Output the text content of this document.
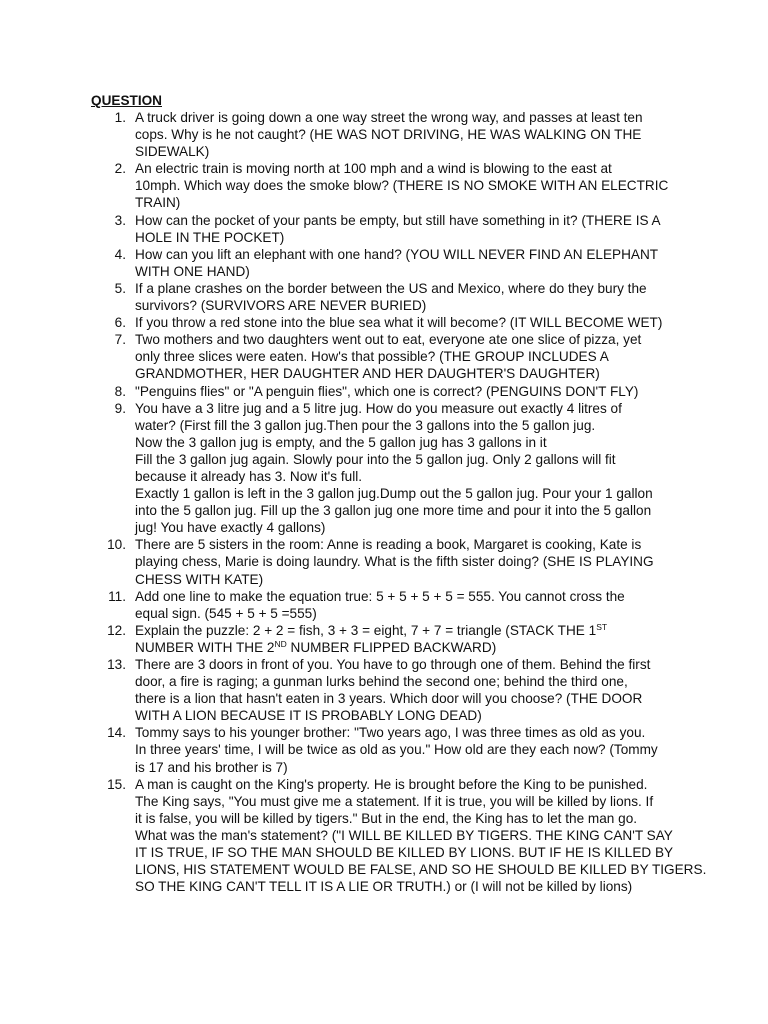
QUESTION
1. A truck driver is going down a one way street the wrong way, and passes at least ten
cops. Why is he not caught? (HE WAS NOT DRIVING, HE WAS WALKING ON THE
SIDEWALK)
2. An electric train is moving north at 100 mph and a wind is blowing to the east at
10mph. Which way does the smoke blow? (THERE IS NO SMOKE WITH AN ELECTRIC
TRAIN)
3. How can the pocket of your pants be empty, but still have something in it? (THERE IS A
HOLE IN THE POCKET)
4. How can you lift an elephant with one hand? (YOU WILL NEVER FIND AN ELEPHANT
WITH ONE HAND)
5. If a plane crashes on the border between the US and Mexico, where do they bury the
survivors? (SURVIVORS ARE NEVER BURIED)
6. If you throw a red stone into the blue sea what it will become? (IT WILL BECOME WET)
7. Two mothers and two daughters went out to eat, everyone ate one slice of pizza, yet
only three slices were eaten. How's that possible? (THE GROUP INCLUDES A
GRANDMOTHER, HER DAUGHTER AND HER DAUGHTER'S DAUGHTER)
8. "Penguins flies" or "A penguin flies", which one is correct? (PENGUINS DON'T FLY)
9. You have a 3 litre jug and a 5 litre jug. How do you measure out exactly 4 litres of
water? (First fill the 3 gallon jug.Then pour the 3 gallons into the 5 gallon jug.
Now the 3 gallon jug is empty, and the 5 gallon jug has 3 gallons in it
Fill the 3 gallon jug again. Slowly pour into the 5 gallon jug. Only 2 gallons will fit
because it already has 3. Now it's full.
Exactly 1 gallon is left in the 3 gallon jug.Dump out the 5 gallon jug. Pour your 1 gallon
into the 5 gallon jug. Fill up the 3 gallon jug one more time and pour it into the 5 gallon
jug! You have exactly 4 gallons)
10. There are 5 sisters in the room: Anne is reading a book, Margaret is cooking, Kate is
playing chess, Marie is doing laundry. What is the fifth sister doing? (SHE IS PLAYING
CHESS WITH KATE)
11. Add one line to make the equation true: 5 + 5 + 5 + 5 = 555. You cannot cross the
equal sign. (545 + 5 + 5 =555)
12. Explain the puzzle: 2 + 2 = fish, 3 + 3 = eight, 7 + 7 = triangle (STACK THE 1ST
NUMBER WITH THE 2ND NUMBER FLIPPED BACKWARD)
13. There are 3 doors in front of you. You have to go through one of them. Behind the first
door, a fire is raging; a gunman lurks behind the second one; behind the third one,
there is a lion that hasn't eaten in 3 years. Which door will you choose? (THE DOOR
WITH A LION BECAUSE IT IS PROBABLY LONG DEAD)
14. Tommy says to his younger brother: "Two years ago, I was three times as old as you.
In three years' time, I will be twice as old as you." How old are they each now? (Tommy
is 17 and his brother is 7)
15. A man is caught on the King's property. He is brought before the King to be punished.
The King says, "You must give me a statement. If it is true, you will be killed by lions. If
it is false, you will be killed by tigers." But in the end, the King has to let the man go.
What was the man's statement? ("I WILL BE KILLED BY TIGERS. THE KING CAN'T SAY
IT IS TRUE, IF SO THE MAN SHOULD BE KILLED BY LIONS. BUT IF HE IS KILLED BY
LIONS, HIS STATEMENT WOULD BE FALSE, AND SO HE SHOULD BE KILLED BY TIGERS.
SO THE KING CAN'T TELL IT IS A LIE OR TRUTH.) or (I will not be killed by lions)
